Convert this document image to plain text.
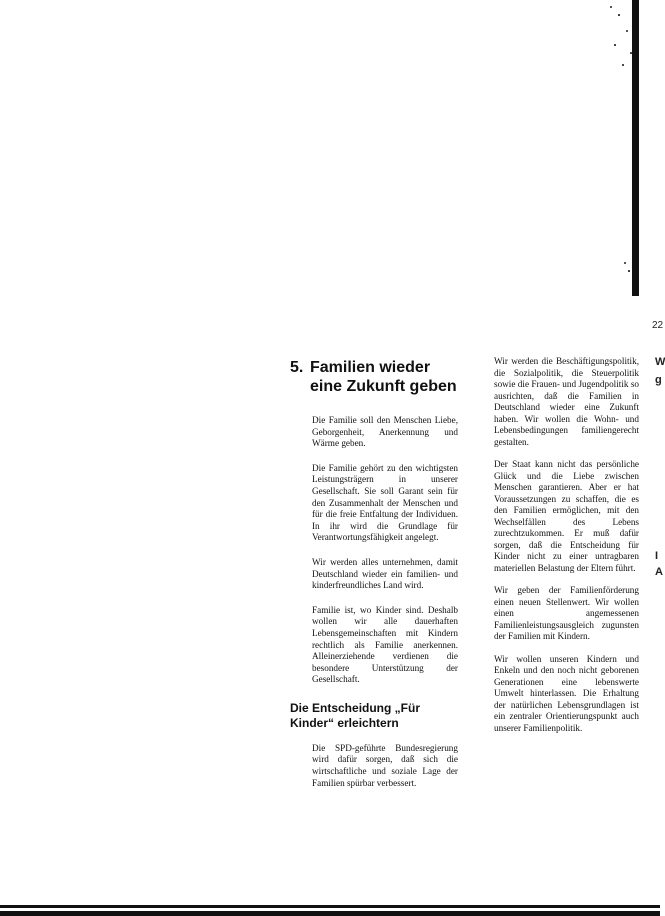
22
W
g
I
A
5. Familien wieder eine Zukunft geben

Die Familie soll den Menschen Liebe, Geborgenheit, Anerkennung und Wärme geben.

Die Familie gehört zu den wichtigsten Leistungsträgern in unserer Gesellschaft. Sie soll Garant sein für den Zusammenhalt der Menschen und für die freie Entfaltung der Individuen. In ihr wird die Grundlage für Verantwortungsfähigkeit angelegt.

Wir werden alles unternehmen, damit Deutschland wieder ein familien- und kinderfreundliches Land wird.

Familie ist, wo Kinder sind. Deshalb wollen wir alle dauerhaften Lebensgemeinschaften mit Kindern rechtlich als Familie anerkennen. Alleinerziehende verdienen die besondere Unterstützung der Gesellschaft.

Die Entscheidung „Für Kinder“ erleichtern

Die SPD-geführte Bundesregierung wird dafür sorgen, daß sich die wirtschaftliche und soziale Lage der Familien spürbar verbessert.

Wir werden die Beschäftigungspolitik, die Sozialpolitik, die Steuerpolitik sowie die Frauen- und Jugendpolitik so ausrichten, daß die Familien in Deutschland wieder eine Zukunft haben. Wir wollen die Wohn- und Lebensbedingungen familiengerecht gestalten.

Der Staat kann nicht das persönliche Glück und die Liebe zwischen Menschen garantieren. Aber er hat Voraussetzungen zu schaffen, die es den Familien ermöglichen, mit den Wechselfällen des Lebens zurechtzukommen. Er muß dafür sorgen, daß die Entscheidung für Kinder nicht zu einer untragbaren materiellen Belastung der Eltern führt.

Wir geben der Familienförderung einen neuen Stellenwert. Wir wollen einen angemessenen Familienleistungsausgleich zugunsten der Familien mit Kindern.

Wir wollen unseren Kindern und Enkeln und den noch nicht geborenen Generationen eine lebenswerte Umwelt hinterlassen. Die Erhaltung der natürlichen Lebensgrundlagen ist ein zentraler Orientierungspunkt auch unserer Familienpolitik.
